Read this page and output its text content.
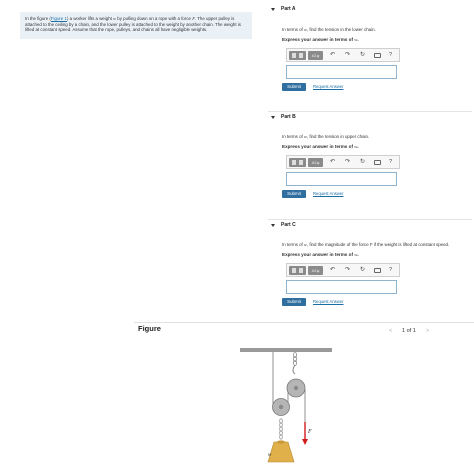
In the figure (Figure 1) a worker lifts a weight w by pulling down on a rope with a force F. The upper pulley is attached to the ceiling by a chain, and the lower pulley is attached to the weight by another chain. The weight is lifted at constant speed. Assume that the rope, pulleys, and chains all have negligible weights.
Part A
In terms of w, find the tension in the lower chain.
Express your answer in terms of w.
ΑΣφ	↶ ↷ ↻	?
Submit	Request Answer
Part B
In terms of w, find the tension in upper chain.
Express your answer in terms of w.
ΑΣφ	↶ ↷ ↻	?
Submit	Request Answer
Part C
In terms of w, find the magnitude of the force F if the weight is lifted at constant speed.
Express your answer in terms of w.
ΑΣφ	↶ ↷ ↻	?
Submit	Request Answer
Figure	< 1 of 1 >
F
w
